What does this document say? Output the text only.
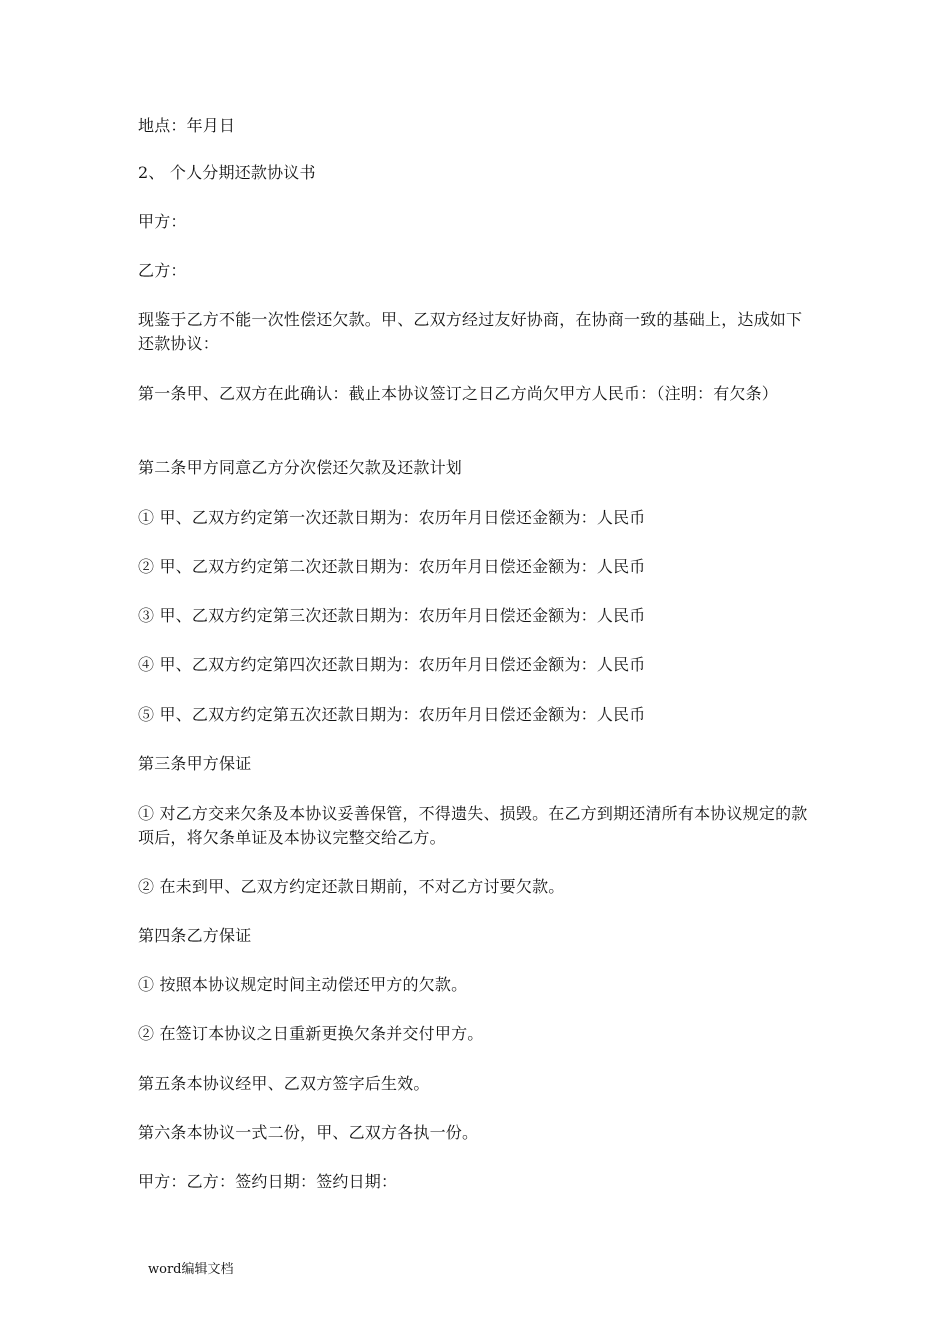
地点：年月日

2、 个人分期还款协议书

甲方：

乙方：

现鉴于乙方不能一次性偿还欠款。甲、乙双方经过友好协商，在协商一致的基础上，达成如下还款协议：

第一条甲、乙双方在此确认：截止本协议签订之日乙方尚欠甲方人民币：（注明：有欠条）

第二条甲方同意乙方分次偿还欠款及还款计划

① 甲、乙双方约定第一次还款日期为：农历年月日偿还金额为：人民币

② 甲、乙双方约定第二次还款日期为：农历年月日偿还金额为：人民币

③ 甲、乙双方约定第三次还款日期为：农历年月日偿还金额为：人民币

④ 甲、乙双方约定第四次还款日期为：农历年月日偿还金额为：人民币

⑤ 甲、乙双方约定第五次还款日期为：农历年月日偿还金额为：人民币

第三条甲方保证

① 对乙方交来欠条及本协议妥善保管，不得遗失、损毁。在乙方到期还清所有本协议规定的款项后，将欠条单证及本协议完整交给乙方。

② 在未到甲、乙双方约定还款日期前，不对乙方讨要欠款。

第四条乙方保证

① 按照本协议规定时间主动偿还甲方的欠款。

② 在签订本协议之日重新更换欠条并交付甲方。

第五条本协议经甲、乙双方签字后生效。

第六条本协议一式二份，甲、乙双方各执一份。

甲方：乙方：签约日期：签约日期：

word编辑文档
